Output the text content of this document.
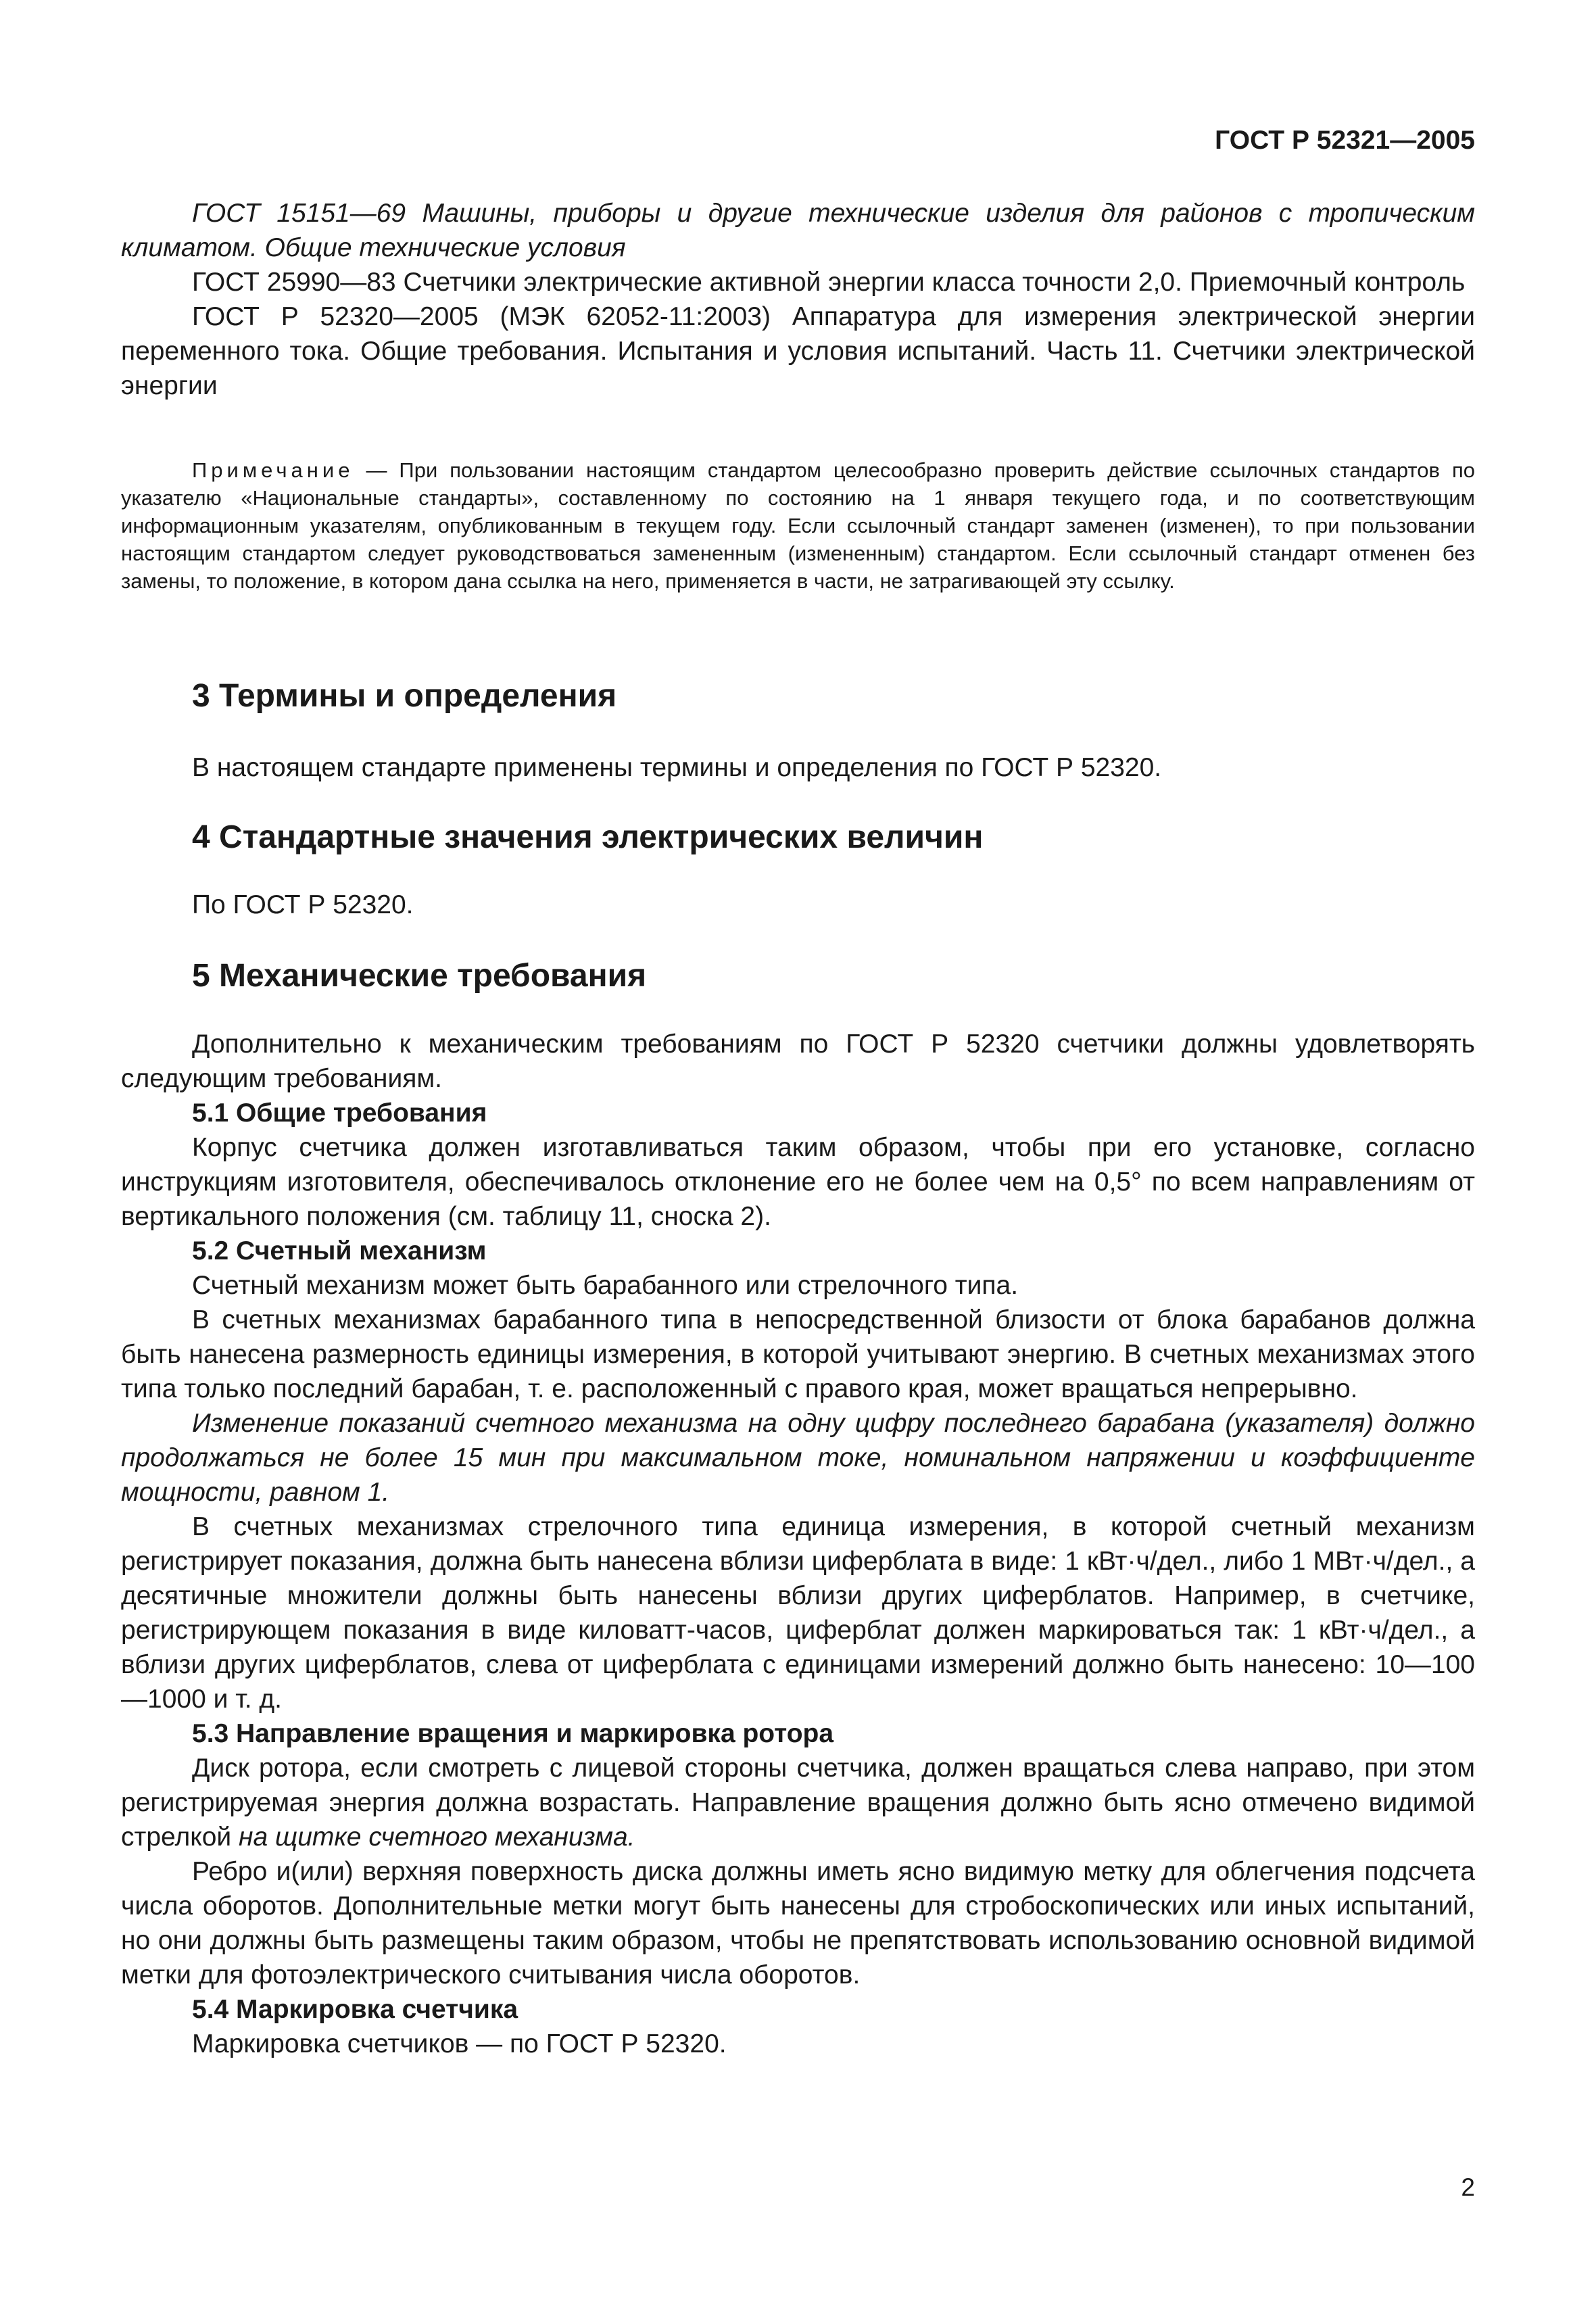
ГОСТ Р 52321—2005

ГОСТ 15151—69 Машины, приборы и другие технические изделия для районов с тропическим климатом. Общие технические условия

ГОСТ 25990—83 Счетчики электрические активной энергии класса точности 2,0. Приемочный контроль

ГОСТ Р 52320—2005 (МЭК 62052-11:2003) Аппаратура для измерения электрической энергии переменного тока. Общие требования. Испытания и условия испытаний. Часть 11. Счетчики электрической энергии

Примечание — При пользовании настоящим стандартом целесообразно проверить действие ссылочных стандартов по указателю «Национальные стандарты», составленному по состоянию на 1 января текущего года, и по соответствующим информационным указателям, опубликованным в текущем году. Если ссылочный стандарт заменен (изменен), то при пользовании настоящим стандартом следует руководствоваться замененным (измененным) стандартом. Если ссылочный стандарт отменен без замены, то положение, в котором дана ссылка на него, применяется в части, не затрагивающей эту ссылку.

3 Термины и определения

В настоящем стандарте применены термины и определения по ГОСТ Р 52320.

4 Стандартные значения электрических величин

По ГОСТ Р 52320.

5 Механические требования

Дополнительно к механическим требованиям по ГОСТ Р 52320 счетчики должны удовлетворять следующим требованиям.

5.1 Общие требования

Корпус счетчика должен изготавливаться таким образом, чтобы при его установке, согласно инструкциям изготовителя, обеспечивалось отклонение его не более чем на 0,5° по всем направлениям от вертикального положения (см. таблицу 11, сноска 2).

5.2 Счетный механизм

Счетный механизм может быть барабанного или стрелочного типа.

В счетных механизмах барабанного типа в непосредственной близости от блока барабанов должна быть нанесена размерность единицы измерения, в которой учитывают энергию. В счетных механизмах этого типа только последний барабан, т. е. расположенный с правого края, может вращаться непрерывно.

Изменение показаний счетного механизма на одну цифру последнего барабана (указателя) должно продолжаться не более 15 мин при максимальном токе, номинальном напряжении и коэффициенте мощности, равном 1.

В счетных механизмах стрелочного типа единица измерения, в которой счетный механизм регистрирует показания, должна быть нанесена вблизи циферблата в виде: 1 кВт·ч/дел., либо 1 МВт·ч/дел., а десятичные множители должны быть нанесены вблизи других циферблатов. Например, в счетчике, регистрирующем показания в виде киловатт-часов, циферблат должен маркироваться так: 1 кВт·ч/дел., а вблизи других циферблатов, слева от циферблата с единицами измерений должно быть нанесено: 10—100—1000 и т. д.

5.3 Направление вращения и маркировка ротора

Диск ротора, если смотреть с лицевой стороны счетчика, должен вращаться слева направо, при этом регистрируемая энергия должна возрастать. Направление вращения должно быть ясно отмечено видимой стрелкой на щитке счетного механизма.

Ребро и(или) верхняя поверхность диска должны иметь ясно видимую метку для облегчения подсчета числа оборотов. Дополнительные метки могут быть нанесены для стробоскопических или иных испытаний, но они должны быть размещены таким образом, чтобы не препятствовать использованию основной видимой метки для фотоэлектрического считывания числа оборотов.

5.4 Маркировка счетчика

Маркировка счетчиков — по ГОСТ Р 52320.

2
